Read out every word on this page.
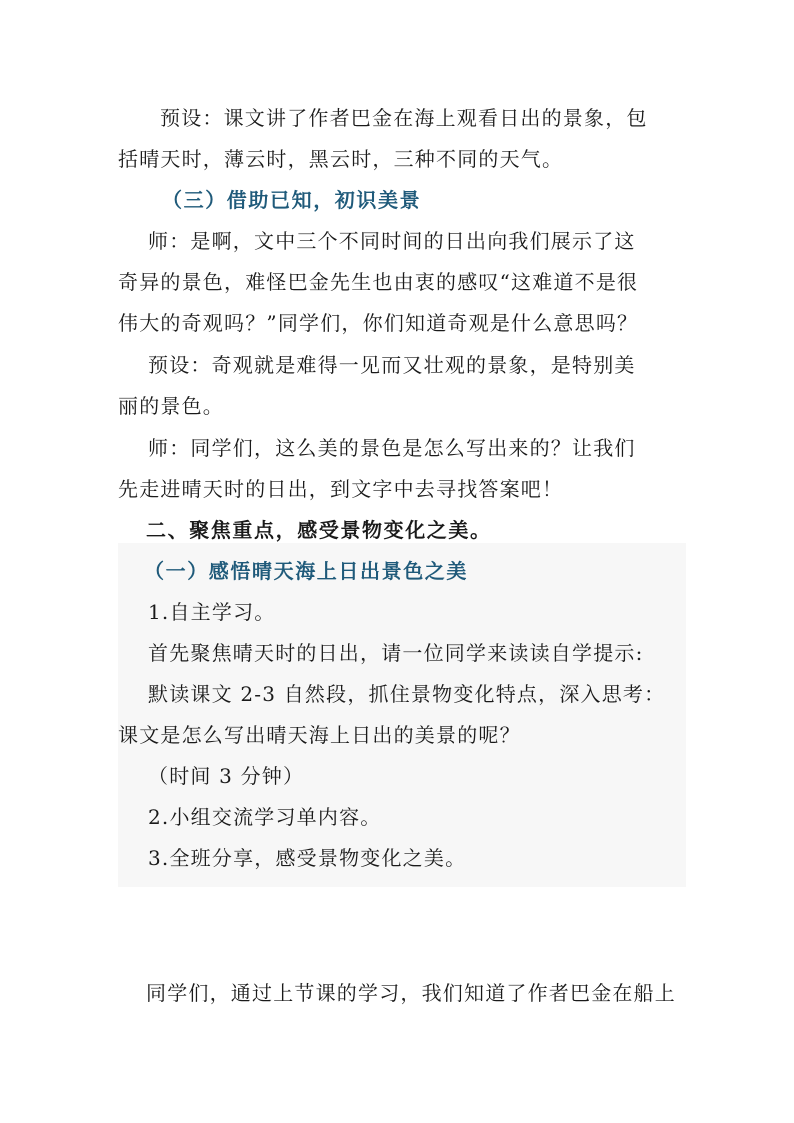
预设：课文讲了作者巴金在海上观看日出的景象，包

括晴天时，薄云时，黑云时，三种不同的天气。

（三）借助已知，初识美景

师：是啊，文中三个不同时间的日出向我们展示了这

奇异的景色，难怪巴金先生也由衷的感叹“这难道不是很

伟大的奇观吗？”同学们，你们知道奇观是什么意思吗？

预设：奇观就是难得一见而又壮观的景象，是特别美

丽的景色。

师：同学们，这么美的景色是怎么写出来的？让我们

先走进晴天时的日出，到文字中去寻找答案吧！

二、聚焦重点，感受景物变化之美。

（一）感悟晴天海上日出景色之美

1.自主学习。

首先聚焦晴天时的日出，请一位同学来读读自学提示:

默读课文 2-3 自然段，抓住景物变化特点，深入思考：

课文是怎么写出晴天海上日出的美景的呢？

（时间 3 分钟）

2.小组交流学习单内容。

3.全班分享，感受景物变化之美。

同学们，通过上节课的学习，我们知道了作者巴金在船上
